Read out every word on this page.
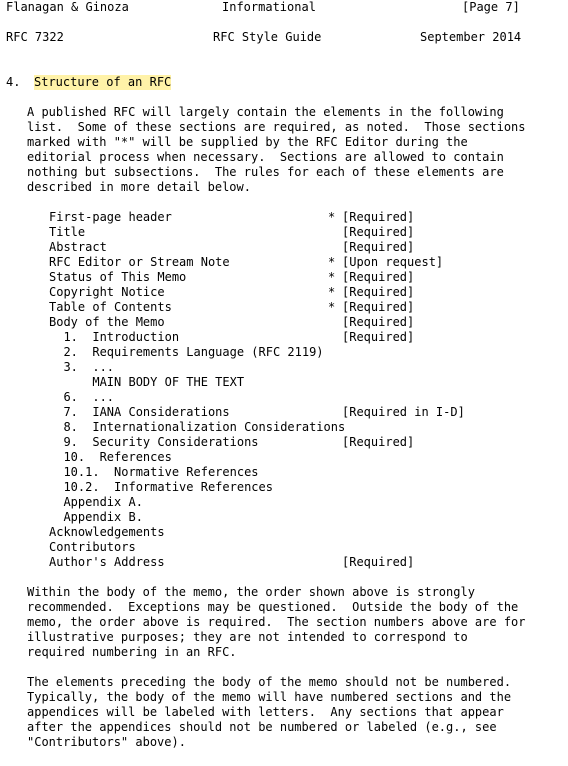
Flanagan & Ginoza

	Informational

	[Page 7]

RFC 7322

	RFC Style Guide

	September 2014

4.

Structure of an RFC

A published RFC will largely contain the elements in the following
list.  Some of these sections are required, as noted.  Those sections
marked with "*" will be supplied by the RFC Editor during the
editorial process when necessary.  Sections are allowed to contain
nothing but subsections.  The rules for each of these elements are
described in more detail below.
First-page header	* [Required]
Title	[Required]
Abstract	[Required]
RFC Editor or Stream Note	* [Upon request]
Status of This Memo	* [Required]
Copyright Notice	* [Required]
Table of Contents	* [Required]
Body of the Memo	[Required]
1.  Introduction	[Required]
2.  Requirements Language (RFC 2119)
3.  ...
MAIN BODY OF THE TEXT
6.  ...
7.  IANA Considerations	[Required in I-D]
8.  Internationalization Considerations
9.  Security Considerations	[Required]
10.  References
10.1.  Normative References
10.2.  Informative References
Appendix A.
Appendix B.
Acknowledgements
Contributors
Author's Address	[Required]
Within the body of the memo, the order shown above is strongly
recommended.  Exceptions may be questioned.  Outside the body of the
memo, the order above is required.  The section numbers above are for
illustrative purposes; they are not intended to correspond to
required numbering in an RFC.
The elements preceding the body of the memo should not be numbered.
Typically, the body of the memo will have numbered sections and the
appendices will be labeled with letters.  Any sections that appear
after the appendices should not be numbered or labeled (e.g., see
"Contributors" above).
